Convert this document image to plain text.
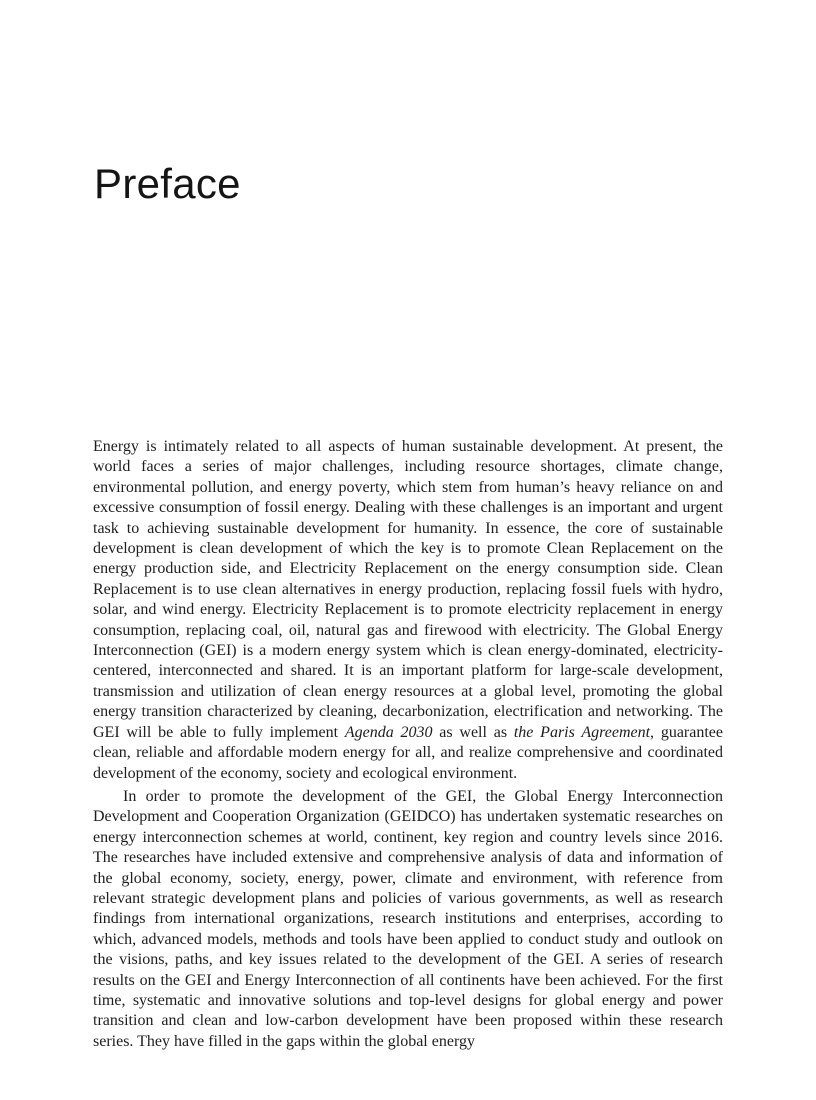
Preface

Energy is intimately related to all aspects of human sustainable development. At present, the world faces a series of major challenges, including resource shortages, climate change, environmental pollution, and energy poverty, which stem from human’s heavy reliance on and excessive consumption of fossil energy. Dealing with these challenges is an important and urgent task to achieving sustainable development for humanity. In essence, the core of sustainable development is clean development of which the key is to promote Clean Replacement on the energy production side, and Electricity Replacement on the energy consumption side. Clean Replacement is to use clean alternatives in energy production, replacing fossil fuels with hydro, solar, and wind energy. Electricity Replacement is to promote electricity replacement in energy consumption, replacing coal, oil, natural gas and firewood with electricity. The Global Energy Interconnection (GEI) is a modern energy system which is clean energy-dominated, electricity-centered, interconnected and shared. It is an important platform for large-scale development, transmission and utilization of clean energy resources at a global level, promoting the global energy transition characterized by cleaning, decarbonization, electrification and networking. The GEI will be able to fully implement Agenda 2030 as well as the Paris Agreement, guarantee clean, reliable and affordable modern energy for all, and realize comprehensive and coordinated development of the economy, society and ecological environment.

In order to promote the development of the GEI, the Global Energy Interconnection Development and Cooperation Organization (GEIDCO) has undertaken systematic researches on energy interconnection schemes at world, continent, key region and country levels since 2016. The researches have included extensive and comprehensive analysis of data and information of the global economy, society, energy, power, climate and environment, with reference from relevant strategic development plans and policies of various governments, as well as research findings from international organizations, research institutions and enterprises, according to which, advanced models, methods and tools have been applied to conduct study and outlook on the visions, paths, and key issues related to the development of the GEI. A series of research results on the GEI and Energy Interconnection of all continents have been achieved. For the first time, systematic and innovative solutions and top-level designs for global energy and power transition and clean and low-carbon development have been proposed within these research series. They have filled in the gaps within the global energy
